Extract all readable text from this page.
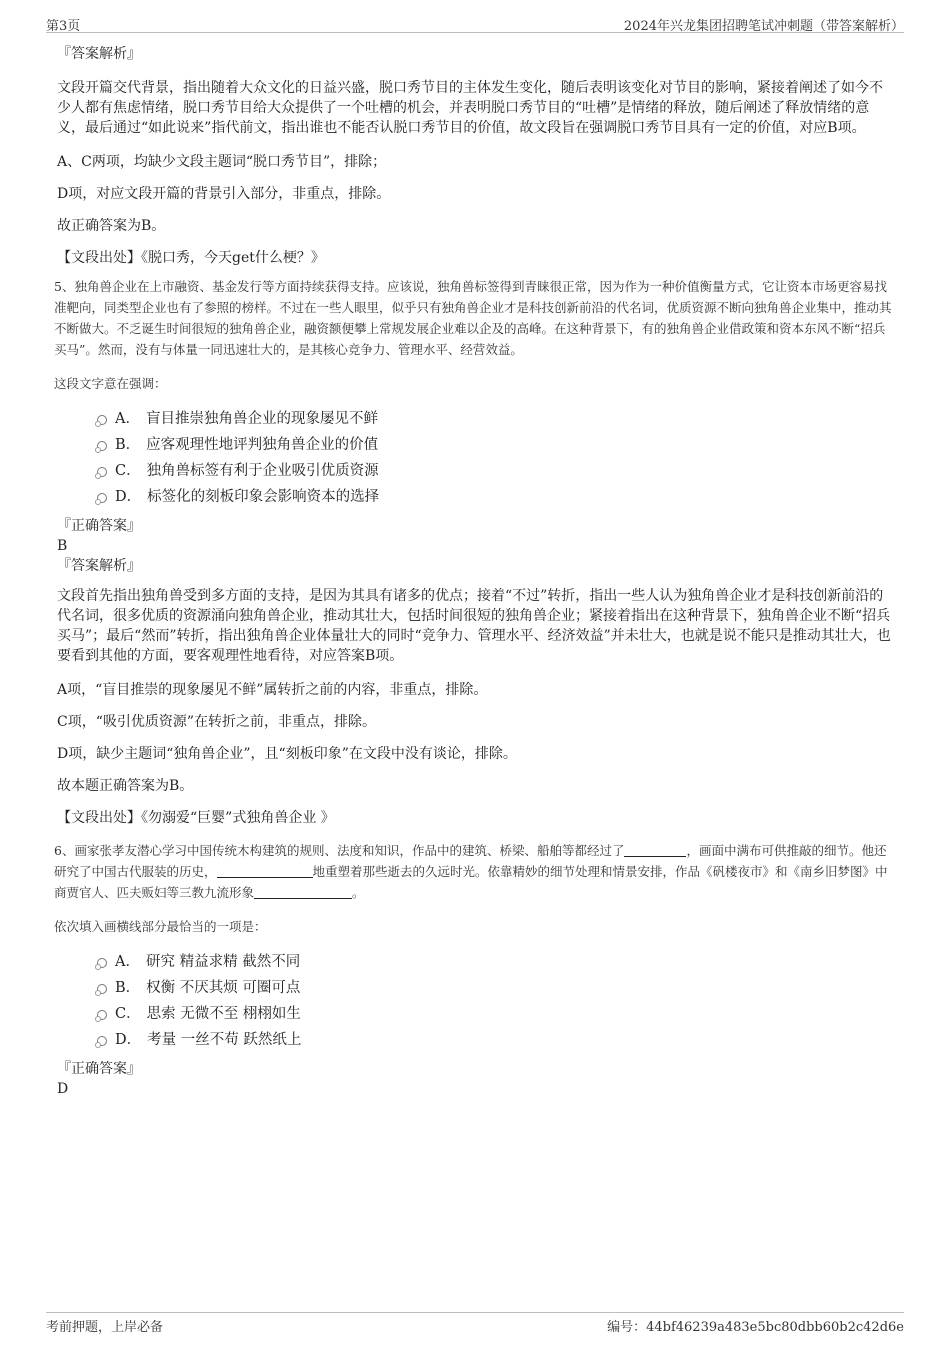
第3页	2024年兴龙集团招聘笔试冲刺题（带答案解析）

『答案解析』

文段开篇交代背景，指出随着大众文化的日益兴盛，脱口秀节目的主体发生变化，随后表明该变化对节目的影响，紧接着阐述了如今不少人都有焦虑情绪，脱口秀节目给大众提供了一个吐槽的机会，并表明脱口秀节目的“吐槽”是情绪的释放，随后阐述了释放情绪的意义，最后通过“如此说来”指代前文，指出谁也不能否认脱口秀节目的价值，故文段旨在强调脱口秀节目具有一定的价值，对应B项。

A、C两项，均缺少文段主题词“脱口秀节目”，排除；

D项，对应文段开篇的背景引入部分，非重点，排除。

故正确答案为B。

【文段出处】《脱口秀，今天get什么梗？》

5、独角兽企业在上市融资、基金发行等方面持续获得支持。应该说，独角兽标签得到青睐很正常，因为作为一种价值衡量方式，它让资本市场更容易找准靶向，同类型企业也有了参照的榜样。不过在一些人眼里，似乎只有独角兽企业才是科技创新前沿的代名词，优质资源不断向独角兽企业集中，推动其不断做大。不乏诞生时间很短的独角兽企业，融资额便攀上常规发展企业难以企及的高峰。在这种背景下，有的独角兽企业借政策和资本东风不断“招兵买马”。然而，没有与体量一同迅速壮大的，是其核心竞争力、管理水平、经营效益。

这段文字意在强调：

A． 盲目推崇独角兽企业的现象屡见不鲜
B． 应客观理性地评判独角兽企业的价值
C． 独角兽标签有利于企业吸引优质资源
D． 标签化的刻板印象会影响资本的选择

『正确答案』

B

『答案解析』

文段首先指出独角兽受到多方面的支持，是因为其具有诸多的优点；接着“不过”转折，指出一些人认为独角兽企业才是科技创新前沿的代名词，很多优质的资源涌向独角兽企业，推动其壮大，包括时间很短的独角兽企业；紧接着指出在这种背景下，独角兽企业不断“招兵买马”；最后“然而”转折，指出独角兽企业体量壮大的同时“竞争力、管理水平、经济效益”并未壮大，也就是说不能只是推动其壮大，也要看到其他的方面，要客观理性地看待，对应答案B项。

A项，“盲目推崇的现象屡见不鲜”属转折之前的内容，非重点，排除。

C项，“吸引优质资源”在转折之前，非重点，排除。

D项，缺少主题词“独角兽企业”，且“刻板印象”在文段中没有谈论，排除。

故本题正确答案为B。

【文段出处】《勿溺爱“巨婴”式独角兽企业 》

6、画家张孝友潜心学习中国传统木构建筑的规则、法度和知识，作品中的建筑、桥梁、船舶等都经过了	，画面中满布可供推敲的细节。他还研究了中国古代服装的历史，	地重塑着那些逝去的久远时光。依靠精妙的细节处理和情景安排，作品《矾楼夜市》和《南乡旧梦图》中商贾官人、匹夫贩妇等三教九流形象	。

依次填入画横线部分最恰当的一项是：

A． 研究 精益求精 截然不同
B． 权衡 不厌其烦 可圈可点
C． 思索 无微不至 栩栩如生
D． 考量 一丝不苟 跃然纸上

『正确答案』

D

考前押题，上岸必备	编号：44bf46239a483e5bc80dbb60b2c42d6e
